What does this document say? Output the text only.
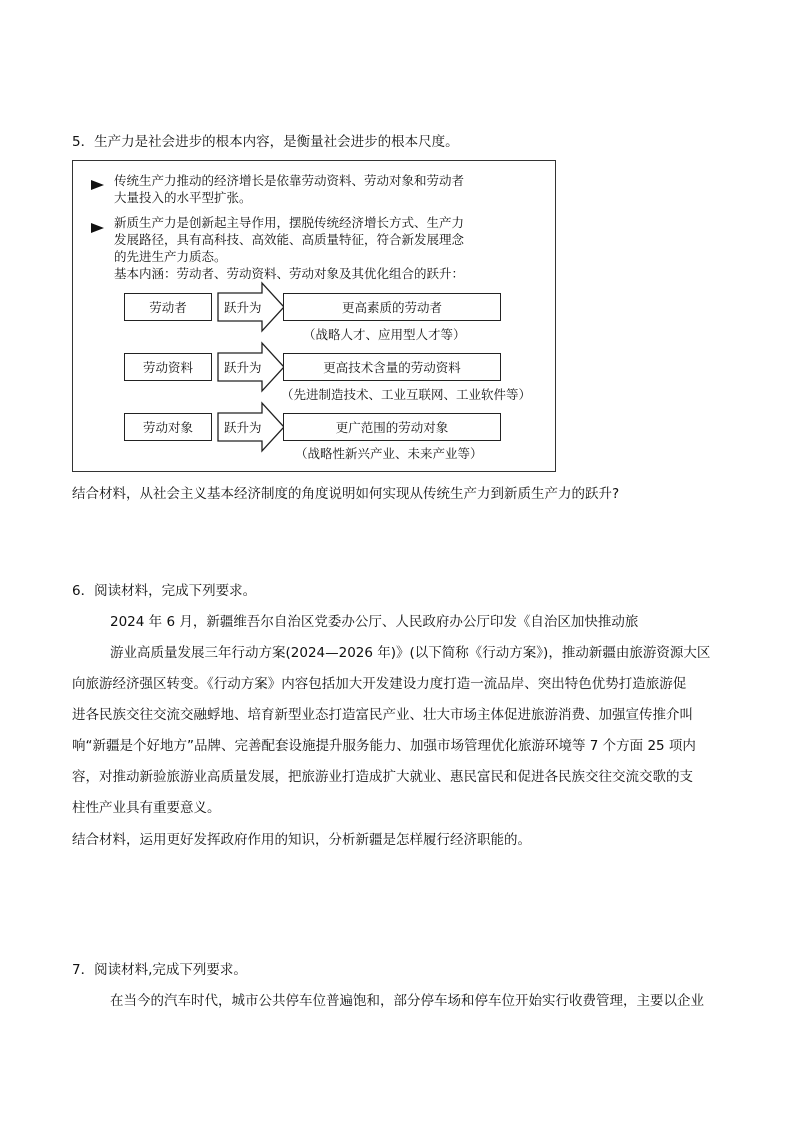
5．生产力是社会进步的根本内容，是衡量社会进步的根本尺度。
传统生产力推动的经济增长是依靠劳动资料、劳动对象和劳动者
大量投入的水平型扩张。
新质生产力是创新起主导作用，摆脱传统经济增长方式、生产力
发展路径，具有高科技、高效能、高质量特征，符合新发展理念
的先进生产力质态。
基本内涵：劳动者、劳动资料、劳动对象及其优化组合的跃升：
劳动者	跃升为	更高素质的劳动者
（战略人才、应用型人才等）
劳动资料	跃升为	更高技术含量的劳动资料
（先进制造技术、工业互联网、工业软件等）
劳动对象	跃升为	更广范围的劳动对象
（战略性新兴产业、未来产业等）
结合材料，从社会主义基本经济制度的角度说明如何实现从传统生产力到新质生产力的跃升?
6．阅读材料，完成下列要求。
2024 年 6 月，新疆维吾尔自治区党委办公厅、人民政府办公厅印发《自治区加快推动旅
游业高质量发展三年行动方案(2024—2026 年)》(以下简称《行动方案》)，推动新疆由旅游资源大区
向旅游经济强区转变。《行动方案》内容包括加大开发建设力度打造一流品岸、突出特色优势打造旅游促
进各民族交往交流交融蜉地、培育新型业态打造富民产业、壮大市场主体促进旅游消费、加强宣传推介叫
响“新疆是个好地方”品牌、完善配套设施提升服务能力、加强市场管理优化旅游环境等 7 个方面 25 项内
容，对推动新验旅游业高质量发展，把旅游业打造成扩大就业、惠民富民和促进各民族交往交流交歌的支
柱性产业具有重要意义。
结合材料，运用更好发挥政府作用的知识，分析新疆是怎样履行经济职能的。
7．阅读材料,完成下列要求。
在当今的汽车时代，城市公共停车位普遍饱和，部分停车场和停车位开始实行收费管理，主要以企业
